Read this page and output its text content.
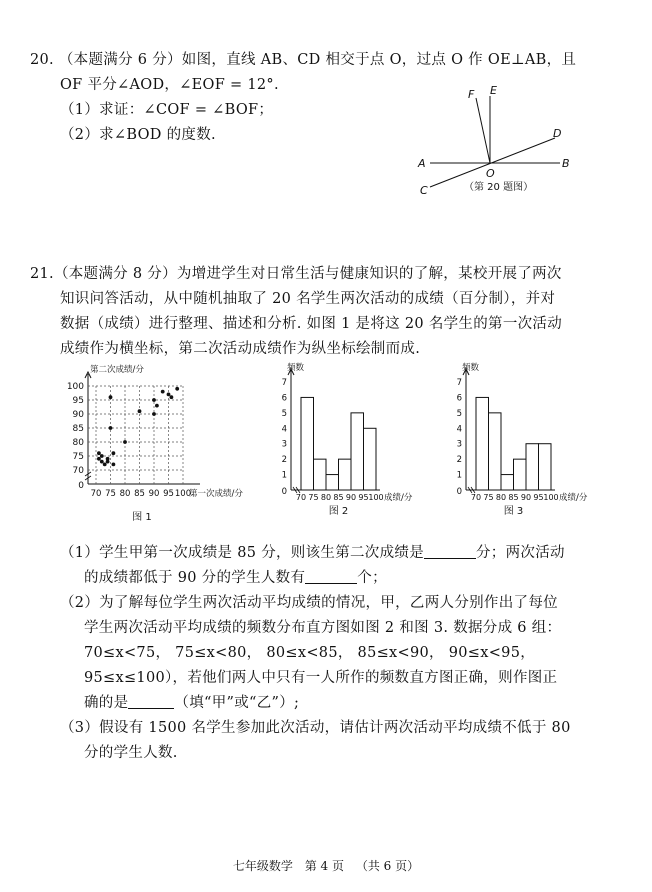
20. （本题满分 6 分）如图，直线 AB、CD 相交于点 O，过点 O 作 OE⊥AB，且
OF 平分∠AOD，∠EOF = 12°.
（1）求证：∠COF = ∠BOF；
（2）求∠BOD 的度数.
F E
D
A
O
B
C	（第 20 题图）
21.（本题满分 8 分）为增进学生对日常生活与健康知识的了解，某校开展了两次
知识问答活动，从中随机抽取了 20 名学生两次活动的成绩（百分制），并对
数据（成绩）进行整理、描述和分析. 如图 1 是将这 20 名学生的第一次活动
成绩作为横坐标，第二次活动成绩作为纵坐标绘制而成.
70
75
80
85
90
95
100
0
70 75 80 85 90 95 100
第二次成绩/分
第一次成绩/分
图 1
频数
1
2
3
4
5
6
7
0
70 75 80 85 90 95 100 成绩/分
图 2
频数
1
2
3
4
5
6
7
0
70 75 80 85 90 95 100 成绩/分
图 3
（1）学生甲第一次成绩是 85 分，则该生第二次成绩是	分；两次活动
的成绩都低于 90 分的学生人数有	个；
（2）为了解每位学生两次活动平均成绩的情况，甲，乙两人分别作出了每位
学生两次活动平均成绩的频数分布直方图如图 2 和图 3. 数据分成 6 组：
70≤x<75， 75≤x<80， 80≤x<85， 85≤x<90， 90≤x<95，
95≤x≤100），若他们两人中只有一人所作的频数直方图正确，则作图正
确的是	（填“甲”或“乙”）;
（3）假设有 1500 名学生参加此次活动，请估计两次活动平均成绩不低于 80
分的学生人数.
七年级数学 第 4 页 （共 6 页）
